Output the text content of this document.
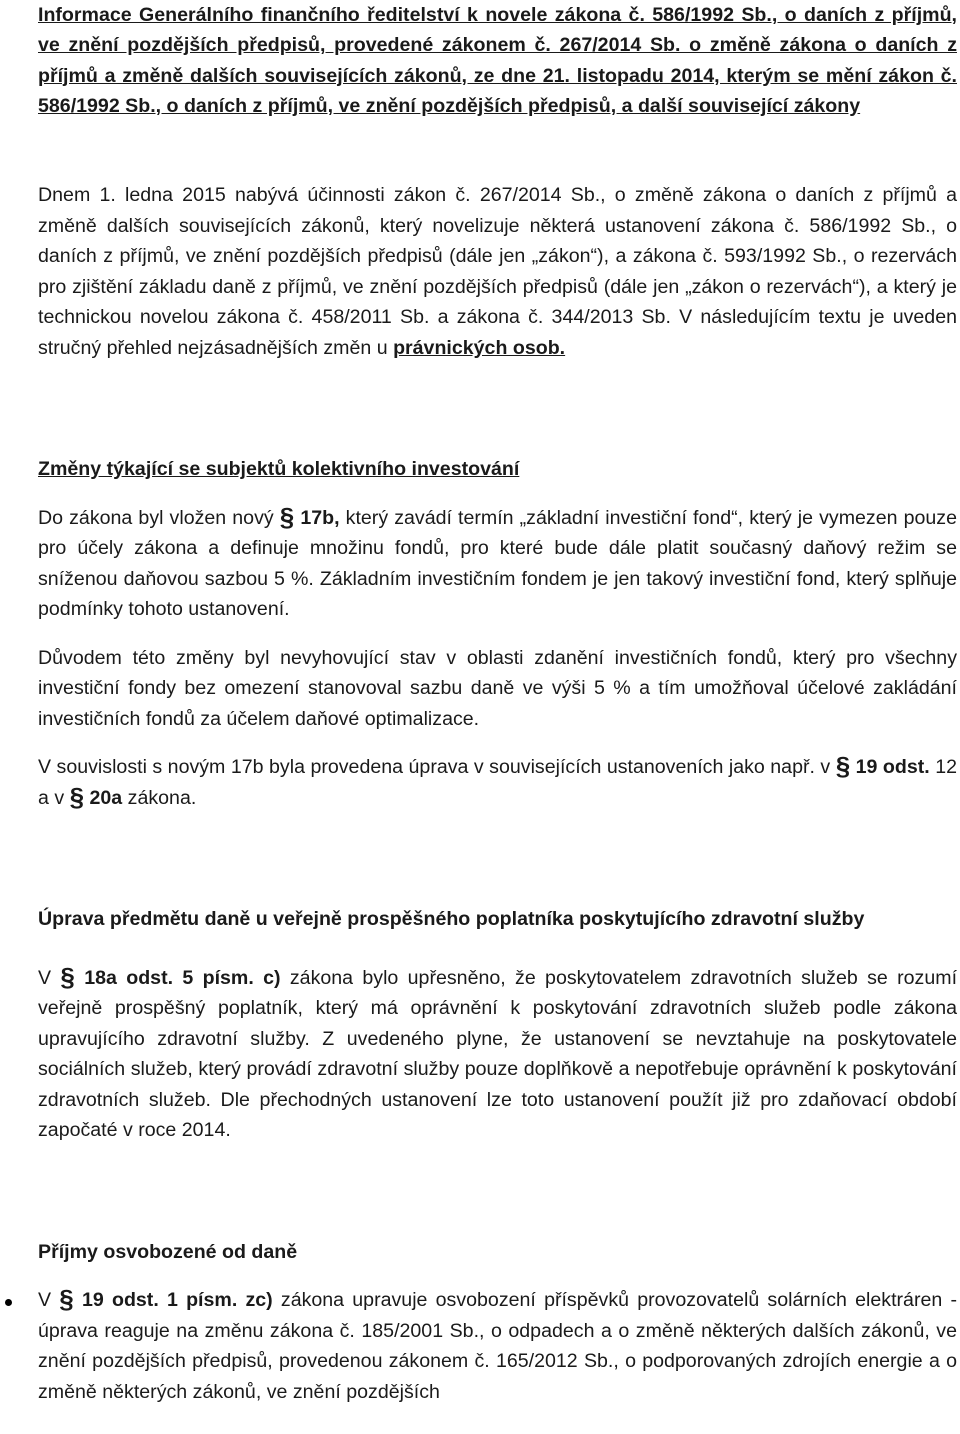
Informace Generálního finančního ředitelství k novele zákona č. 586/1992 Sb., o daních z příjmů, ve znění pozdějších předpisů, provedené zákonem č. 267/2014 Sb. o změně zákona o daních z příjmů a změně dalších souvisejících zákonů, ze dne 21. listopadu 2014, kterým se mění zákon č. 586/1992 Sb., o daních z příjmů, ve znění pozdějších předpisů, a další související zákony

Dnem 1. ledna 2015 nabývá účinnosti zákon č. 267/2014 Sb., o změně zákona o daních z příjmů a změně dalších souvisejících zákonů, který novelizuje některá ustanovení zákona č. 586/1992 Sb., o daních z příjmů, ve znění pozdějších předpisů (dále jen „zákon“), a zákona č. 593/1992 Sb., o rezervách pro zjištění základu daně z příjmů, ve znění pozdějších předpisů (dále jen „zákon o rezervách“), a který je technickou novelou zákona č. 458/2011 Sb. a zákona č. 344/2013 Sb. V následujícím textu je uveden stručný přehled nejzásadnějších změn u právnických osob.

Změny týkající se subjektů kolektivního investování

Do zákona byl vložen nový § 17b, který zavádí termín „základní investiční fond“, který je vymezen pouze pro účely zákona a definuje množinu fondů, pro které bude dále platit současný daňový režim se sníženou daňovou sazbou 5 %. Základním investičním fondem je jen takový investiční fond, který splňuje podmínky tohoto ustanovení.

Důvodem této změny byl nevyhovující stav v oblasti zdanění investičních fondů, který pro všechny investiční fondy bez omezení stanovoval sazbu daně ve výši 5 % a tím umožňoval účelové zakládání investičních fondů za účelem daňové optimalizace.

V souvislosti s novým 17b byla provedena úprava v souvisejících ustanoveních jako např. v § 19 odst. 12 a v § 20a zákona.

Úprava předmětu daně u veřejně prospěšného poplatníka poskytujícího zdravotní služby

V § 18a odst. 5 písm. c) zákona bylo upřesněno, že poskytovatelem zdravotních služeb se rozumí veřejně prospěšný poplatník, který má oprávnění k poskytování zdravotních služeb podle zákona upravujícího zdravotní služby. Z uvedeného plyne, že ustanovení se nevztahuje na poskytovatele sociálních služeb, který provádí zdravotní služby pouze doplňkově a nepotřebuje oprávnění k poskytování zdravotních služeb. Dle přechodných ustanovení lze toto ustanovení použít již pro zdaňovací období započaté v roce 2014.

Příjmy osvobozené od daně

V § 19 odst. 1 písm. zc) zákona upravuje osvobození příspěvků provozovatelů solárních elektráren - úprava reaguje na změnu zákona č. 185/2001 Sb., o odpadech a o změně některých dalších zákonů, ve znění pozdějších předpisů, provedenou zákonem č. 165/2012 Sb., o podporovaných zdrojích energie a o změně některých zákonů, ve znění pozdějších
